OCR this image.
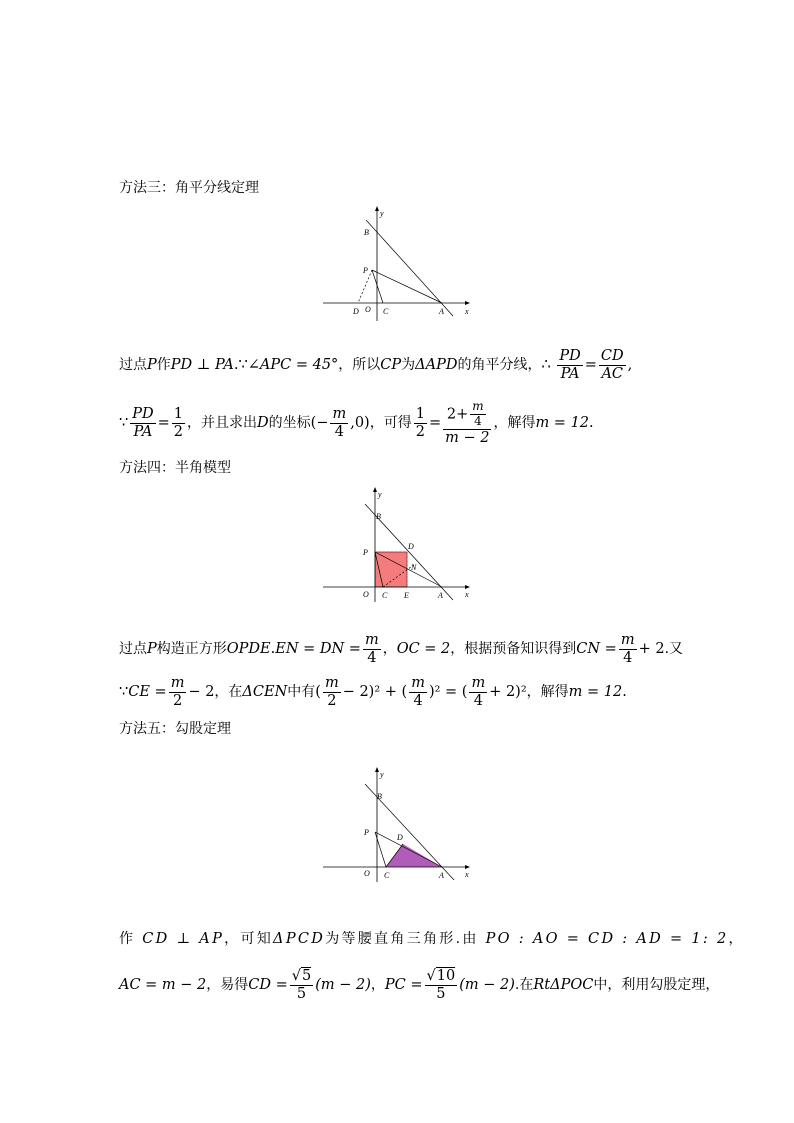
方法三：角平分线定理
y
B
P
D O C	A	x
过点P作PD ⊥ PA.∵∠APC = 45°，所以CP为ΔAPD的角平分线，∴ $\frac{PD}{PA} = \frac{CD}{AC}$ ,
∵ $\frac{PD}{PA} = \frac{1}{2}$ ，并且求出D的坐标(− $\frac{m}{4} ,0$)，可得 $\frac{1}{2} = \frac{2+ \frac{m}{4}}{m - 2}$ ，解得m = 12.
方法四：半角模型
y
B
P
D
N
O C E	A	x
过点P构造正方形OPDE.EN = DN = $\frac{m}{4}$ ，OC = 2，根据预备知识得到CN = $\frac{m}{4} + 2$.又
∵CE = $\frac{m}{2} - 2$，在ΔCEN中有( $\frac{m}{2} - 2)^2$ + ( $\frac{m}{4} )^2$ = ( $\frac{m}{4} + 2)^2$，解得m = 12.
方法五：勾股定理
y
B
P
D
O C	A	x
作 CD ⊥ AP，可知ΔPCD为等腰直角三角形.由 PO : AO = CD : AD = 1: 2，
AC = m − 2，易得CD = $\frac{√5}{5} (m - 2)$，PC = $\frac{√10}{5} (m - 2)$.在RtΔPOC中，利用勾股定理，
